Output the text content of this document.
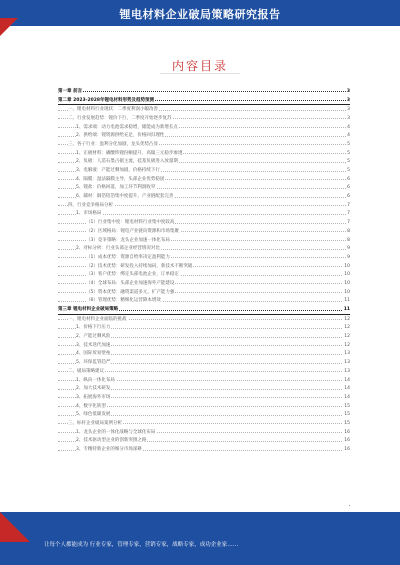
锂电材料企业破局策略研究报告
内容目录
第一章 前言	3
第二章 2023-2028年锂电材料形势及趋势预测	3
一、锂电材料行业现状：二季度利润小幅改善	3
二、行业发展趋势：锂价下行，二季度开始逐步复苏	3
1、需求端：动力电池需求稳增，储能成为新增长点	4
2、供给端：锂资源供给充足，价格回归理性	4
三、各子行业：盈利分化加剧，龙头优势凸显	5
1、正极材料：磷酸铁锂份额提升，高镍三元稳步渗透	5
2、负极：人造石墨占据主流，硅基负极进入放量期	5
3、电解液：产能过剩加剧，价格持续下行	5
4、隔膜：湿法隔膜主导，头部企业优势稳固	6
5、锂盐：价格回落，加工环节利润收窄	6
6、辅材：铜箔铝箔集中度提升，产业链配套完善	6
四、行业竞争格局分析	7
1、市场格局	7
（1）行业集中度：锂电材料行业集中度较高	7
（2）区域格局：锂电产业链向资源和市场集聚	8
（3）竞争策略：龙头企业加速一体化布局	8
2、对标分析：行业头部企业经营情况对比	9
（1）成本优势：资源自给率决定盈利能力	9
（2）技术优势：研发投入持续加码，新技术不断突破	10
（3）客户优势：绑定头部电池企业，订单稳定	10
（4）全球布局：头部企业加速海外产能建设	10
（5）资本优势：融资渠道多元，扩产能力强	10
（6）管理优势：精细化运营降本增效	11
第三章 锂电材料企业破局策略	11
一、锂电材料企业面临的挑战	12
1、价格下行压力	12
2、产能过剩风险	12
3、技术迭代加速	12
4、国际贸易壁垒	13
5、环保监管趋严	13
二、破局策略建议	13
1、纵向一体化布局	14
2、加大技术研发	14
3、拓展海外市场	14
4、数字化转型	15
5、绿色低碳发展	15
三、标杆企业破局案例分析	15
1、龙头企业的一体化战略与全球化布局	16
2、技术驱动型企业的创新突围之路	16
3、专精特新企业的细分市场深耕	16
让每个人都能成为 行业专家，管理专家，营销专家，战略专家，成功企业家……
